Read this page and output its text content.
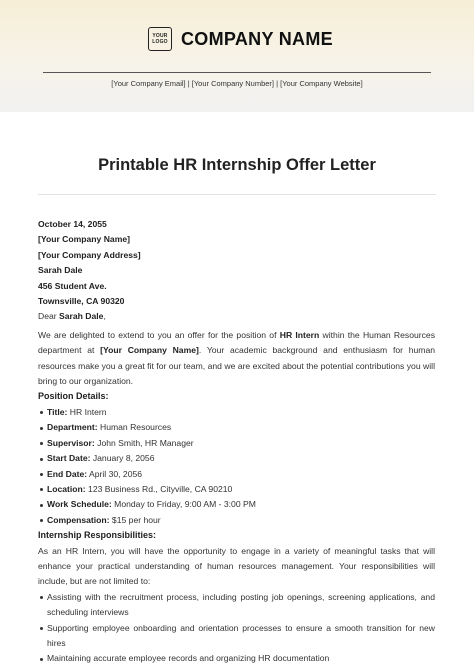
YOUR
LOGO COMPANY NAME
[Your Company Email] | [Your Company Number] | [Your Company Website]
Printable HR Internship Offer Letter

October 14, 2055

[Your Company Name]

[Your Company Address]

Sarah Dale

456 Student Ave.

Townsville, CA 90320

Dear Sarah Dale,

We are delighted to extend to you an offer for the position of HR Intern within the Human Resources department at [Your Company Name]. Your academic background and enthusiasm for human resources make you a great fit for our team, and we are excited about the potential contributions you will bring to our organization.

Position Details:

Title: HR Intern
Department: Human Resources
Supervisor: John Smith, HR Manager
Start Date: January 8, 2056
End Date: April 30, 2056
Location: 123 Business Rd., Cityville, CA 90210
Work Schedule: Monday to Friday, 9:00 AM - 3:00 PM
Compensation: $15 per hour

Internship Responsibilities:

As an HR Intern, you will have the opportunity to engage in a variety of meaningful tasks that will enhance your practical understanding of human resources management. Your responsibilities will include, but are not limited to:

Assisting with the recruitment process, including posting job openings, screening applications, and scheduling interviews
Supporting employee onboarding and orientation processes to ensure a smooth transition for new hires
Maintaining accurate employee records and organizing HR documentation
